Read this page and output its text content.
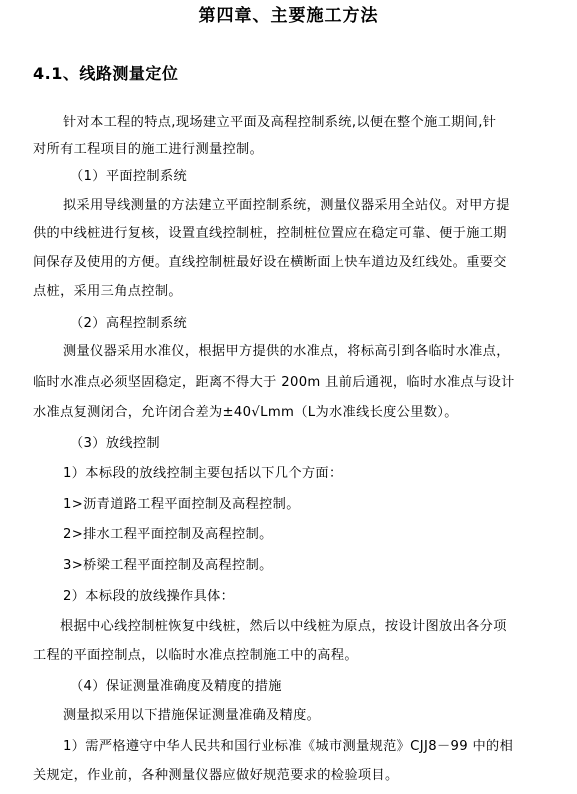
第四章、主要施工方法
4.1、线路测量定位
针对本工程的特点,现场建立平面及高程控制系统,以便在整个施工期间,针
对所有工程项目的施工进行测量控制。
（1）平面控制系统
拟采用导线测量的方法建立平面控制系统，测量仪器采用全站仪。对甲方提
供的中线桩进行复核，设置直线控制桩，控制桩位置应在稳定可靠、便于施工期
间保存及使用的方便。直线控制桩最好设在横断面上快车道边及红线处。重要交
点桩，采用三角点控制。
（2）高程控制系统
测量仪器采用水准仪，根据甲方提供的水准点，将标高引到各临时水准点，
临时水准点必须坚固稳定，距离不得大于 200m 且前后通视，临时水准点与设计
水准点复测闭合，允许闭合差为±40√Lmm（L为水准线长度公里数）。
（3）放线控制
1）本标段的放线控制主要包括以下几个方面：
1>沥青道路工程平面控制及高程控制。
2>排水工程平面控制及高程控制。
3>桥梁工程平面控制及高程控制。
2）本标段的放线操作具体：
根据中心线控制桩恢复中线桩，然后以中线桩为原点，按设计图放出各分项
工程的平面控制点，以临时水准点控制施工中的高程。
（4）保证测量准确度及精度的措施
测量拟采用以下措施保证测量准确及精度。
1）需严格遵守中华人民共和国行业标准《城市测量规范》CJJ8－99 中的相
关规定，作业前，各种测量仪器应做好规范要求的检验项目。
